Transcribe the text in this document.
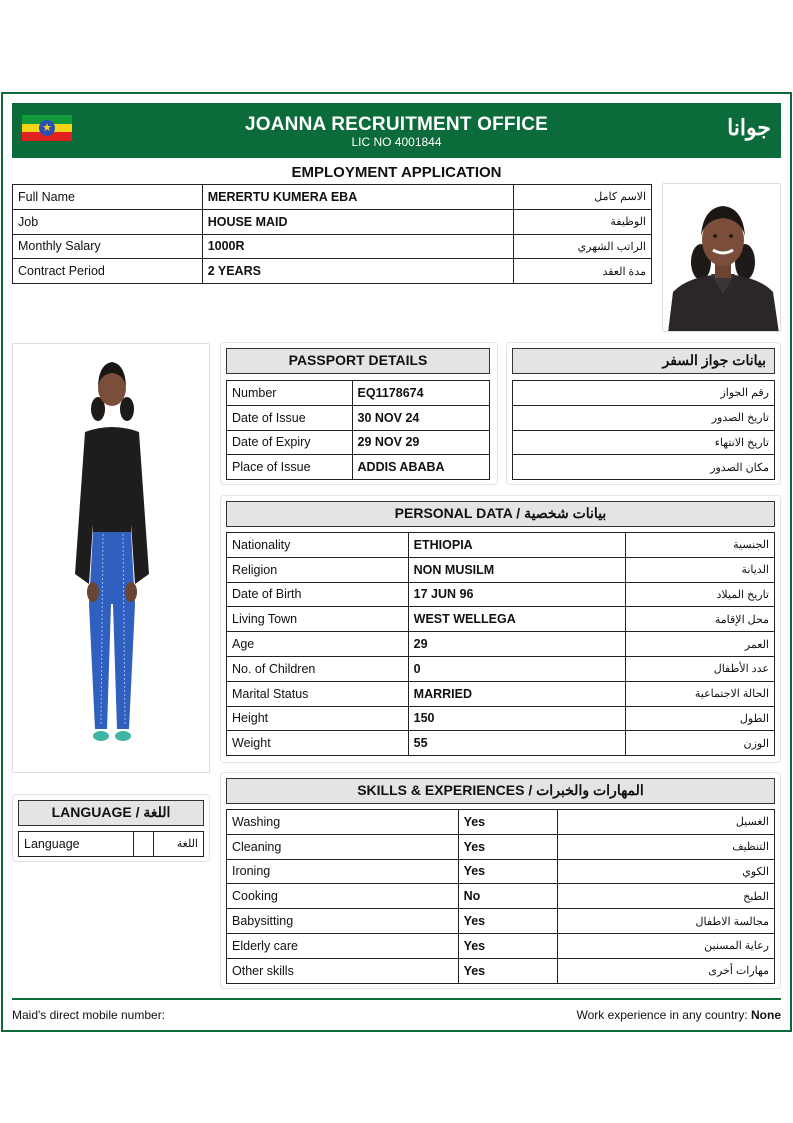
★	JOANNA RECRUITMENT OFFICE
LIC NO 4001844
جوانا
EMPLOYMENT APPLICATION
Full Name	MERERTU KUMERA EBA	الاسم كامل
Job	HOUSE MAID	الوظيفة
Monthly Salary	1000R	الراتب الشهري
Contract Period	2 YEARS	مدة العقد
PASSPORT DETAILS
Number	EQ1178674
Date of Issue	30 NOV 24
Date of Expiry	29 NOV 29
Place of Issue	ADDIS ABABA
بيانات جواز السفر
رقم الجواز
تاريخ الصدور
تاريخ الانتهاء
مكان الصدور
PERSONAL DATA / بيانات شخصية
Nationality	ETHIOPIA	الجنسية
Religion	NON MUSILM	الديانة
Date of Birth	17 JUN 96	تاريخ الميلاد
Living Town	WEST WELLEGA	محل الإقامة
Age	29	العمر
No. of Children	0	عدد الأطفال
Marital Status	MARRIED	الحالة الاجتماعية
Height	150	الطول
Weight	55	الوزن
LANGUAGE / اللغة
Language		اللغة
SKILLS & EXPERIENCES / المهارات والخبرات
Washing	Yes	الغسيل
Cleaning	Yes	التنظيف
Ironing	Yes	الكوي
Cooking	No	الطبخ
Babysitting	Yes	مجالسة الاطفال
Elderly care	Yes	رعاية المسنين
Other skills	Yes	مهارات أخرى
Maid's direct mobile number:	Work experience in any country: None
